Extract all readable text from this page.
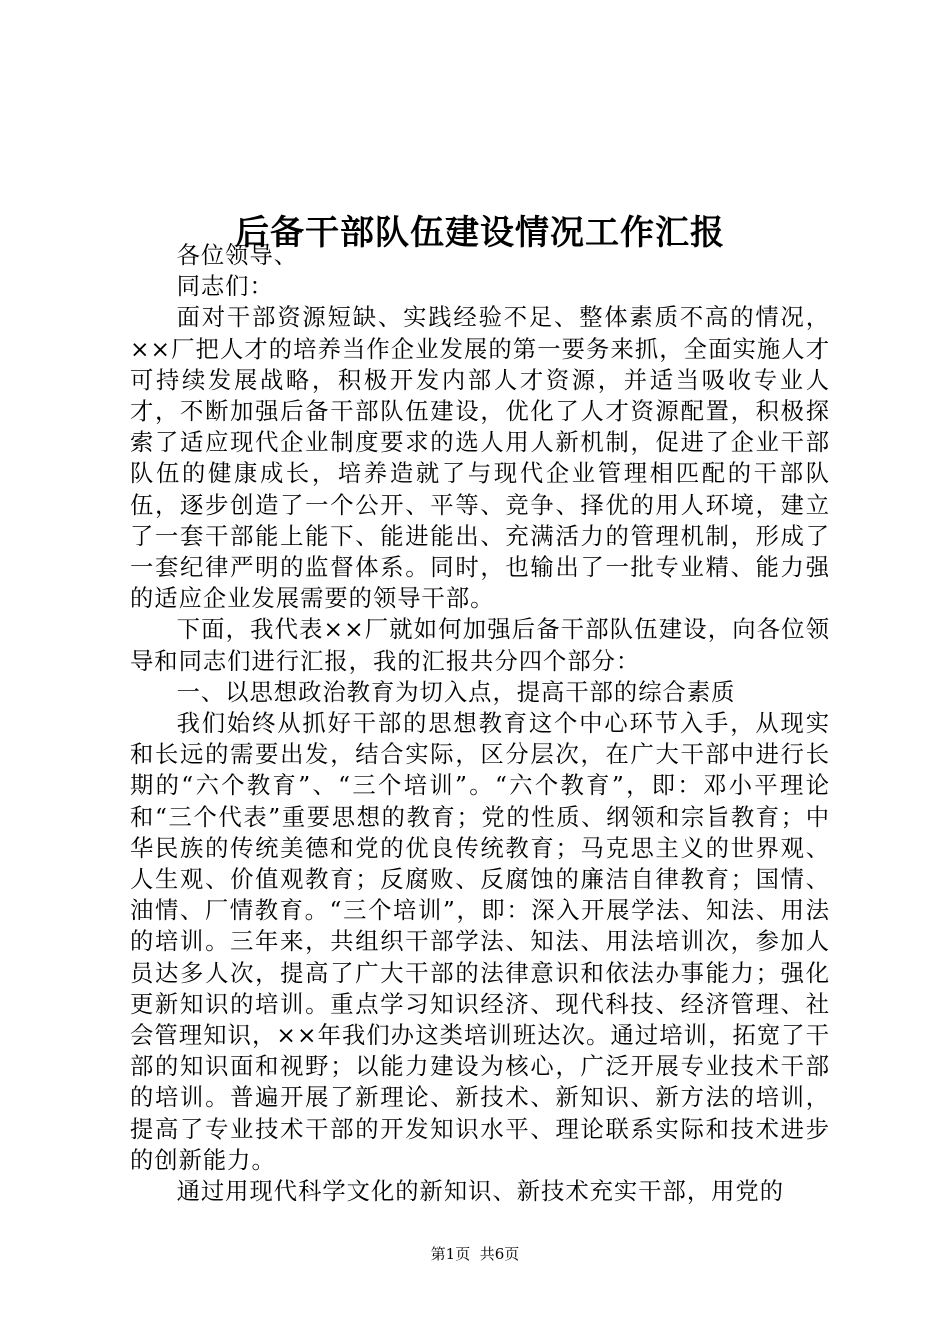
后备干部队伍建设情况工作汇报

各位领导、

同志们：

面对干部资源短缺、实践经验不足、整体素质不高的情况，××厂把人才的培养当作企业发展的第一要务来抓，全面实施人才可持续发展战略，积极开发内部人才资源，并适当吸收专业人才，不断加强后备干部队伍建设，优化了人才资源配置，积极探索了适应现代企业制度要求的选人用人新机制，促进了企业干部队伍的健康成长，培养造就了与现代企业管理相匹配的干部队伍，逐步创造了一个公开、平等、竞争、择优的用人环境，建立了一套干部能上能下、能进能出、充满活力的管理机制，形成了一套纪律严明的监督体系。同时，也输出了一批专业精、能力强的适应企业发展需要的领导干部。

下面，我代表××厂就如何加强后备干部队伍建设，向各位领导和同志们进行汇报，我的汇报共分四个部分：

一、以思想政治教育为切入点，提高干部的综合素质

我们始终从抓好干部的思想教育这个中心环节入手，从现实和长远的需要出发，结合实际，区分层次，在广大干部中进行长期的“六个教育”、“三个培训”。“六个教育”，即：邓小平理论和“三个代表”重要思想的教育；党的性质、纲领和宗旨教育；中华民族的传统美德和党的优良传统教育；马克思主义的世界观、人生观、价值观教育；反腐败、反腐蚀的廉洁自律教育；国情、油情、厂情教育。“三个培训”，即：深入开展学法、知法、用法的培训。三年来，共组织干部学法、知法、用法培训次，参加人员达多人次，提高了广大干部的法律意识和依法办事能力；强化更新知识的培训。重点学习知识经济、现代科技、经济管理、社会管理知识，××年我们办这类培训班达次。通过培训，拓宽了干部的知识面和视野；以能力建设为核心，广泛开展专业技术干部的培训。普遍开展了新理论、新技术、新知识、新方法的培训，提高了专业技术干部的开发知识水平、理论联系实际和技术进步的创新能力。

通过用现代科学文化的新知识、新技术充实干部，用党的

第1页 共6页
